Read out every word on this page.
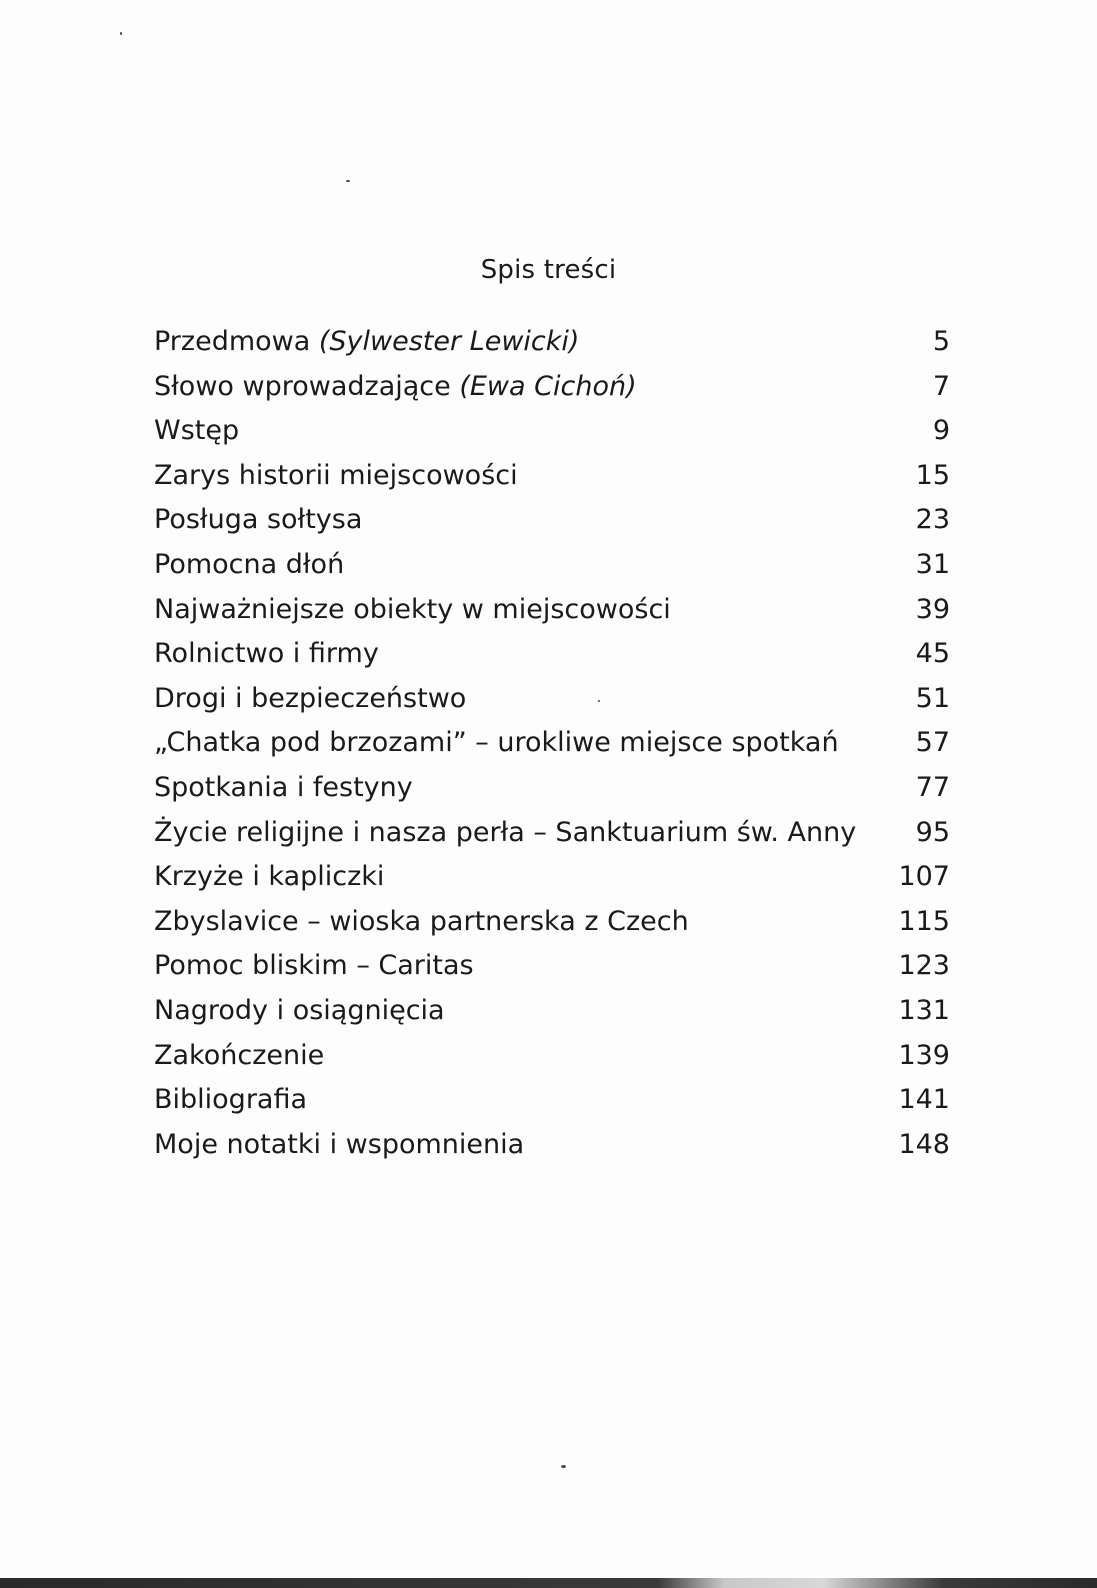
Spis treści
Przedmowa (Sylwester Lewicki)	5
Słowo wprowadzające (Ewa Cichoń)	7
Wstęp	9
Zarys historii miejscowości	15
Posługa sołtysa	23
Pomocna dłoń	31
Najważniejsze obiekty w miejscowości	39
Rolnictwo i firmy	45
Drogi i bezpieczeństwo	51
„Chatka pod brzozami” – urokliwe miejsce spotkań	57
Spotkania i festyny	77
Życie religijne i nasza perła – Sanktuarium św. Anny	95
Krzyże i kapliczki	107
Zbyslavice – wioska partnerska z Czech	115
Pomoc bliskim – Caritas	123
Nagrody i osiągnięcia	131
Zakończenie	139
Bibliografia	141
Moje notatki i wspomnienia	148
